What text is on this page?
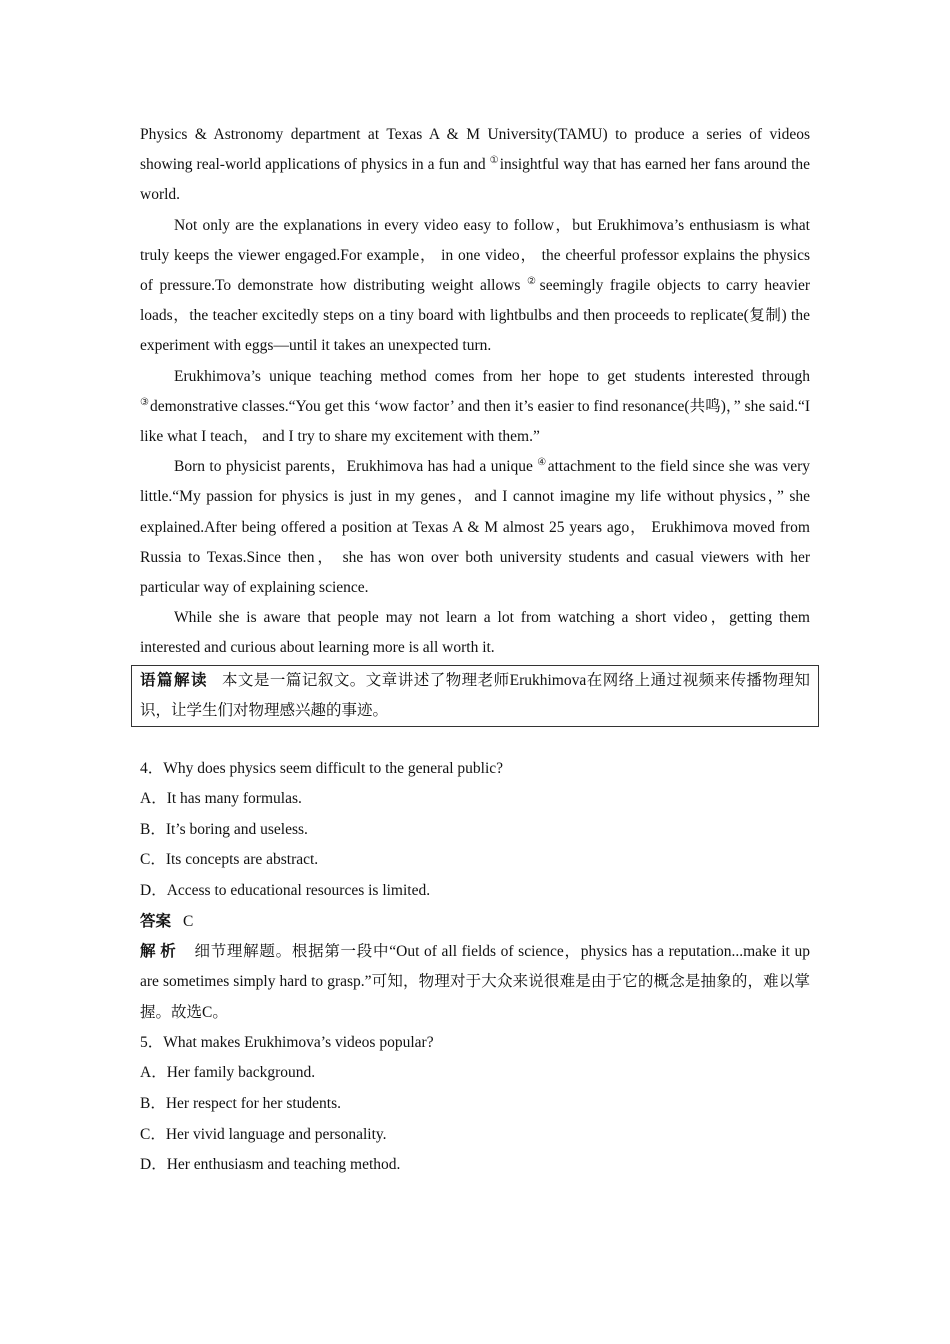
Physics & Astronomy department at Texas A & M University(TAMU) to produce a series of videos showing real-world applications of physics in a fun and ①insightful way that has earned her fans around the world.

Not only are the explanations in every video easy to follow，but Erukhimova’s enthusiasm is what truly keeps the viewer engaged.For example， in one video， the cheerful professor explains the physics of pressure.To demonstrate how distributing weight allows ②seemingly fragile objects to carry heavier loads，the teacher excitedly steps on a tiny board with lightbulbs and then proceeds to replicate(复制) the experiment with eggs—until it takes an unexpected turn.

Erukhimova’s unique teaching method comes from her hope to get students interested through ③demonstrative classes.“You get this ‘wow factor’ and then it’s easier to find resonance(共鸣)，” she said.“I like what I teach， and I try to share my excitement with them.”

Born to physicist parents，Erukhimova has had a unique ④attachment to the field since she was very little.“My passion for physics is just in my genes，and I cannot imagine my life without physics，” she explained.After being offered a position at Texas A & M almost 25 years ago， Erukhimova moved from Russia to Texas.Since then， she has won over both university students and casual viewers with her particular way of explaining science.

While she is aware that people may not learn a lot from watching a short video，getting them interested and curious about learning more is all worth it.

语篇解读 本文是一篇记叙文。文章讲述了物理老师Erukhimova在网络上通过视频来传播物理知识，让学生们对物理感兴趣的事迹。

4．Why does physics seem difficult to the general public?

A．It has many formulas.

B．It’s boring and useless.

C．Its concepts are abstract.

D．Access to educational resources is limited.

答案 C

解析 细节理解题。根据第一段中“Out of all fields of science，physics has a reputation...make it up are sometimes simply hard to grasp.”可知，物理对于大众来说很难是由于它的概念是抽象的，难以掌握。故选C。

5．What makes Erukhimova’s videos popular?

A．Her family background.

B．Her respect for her students.

C．Her vivid language and personality.

D．Her enthusiasm and teaching method.
